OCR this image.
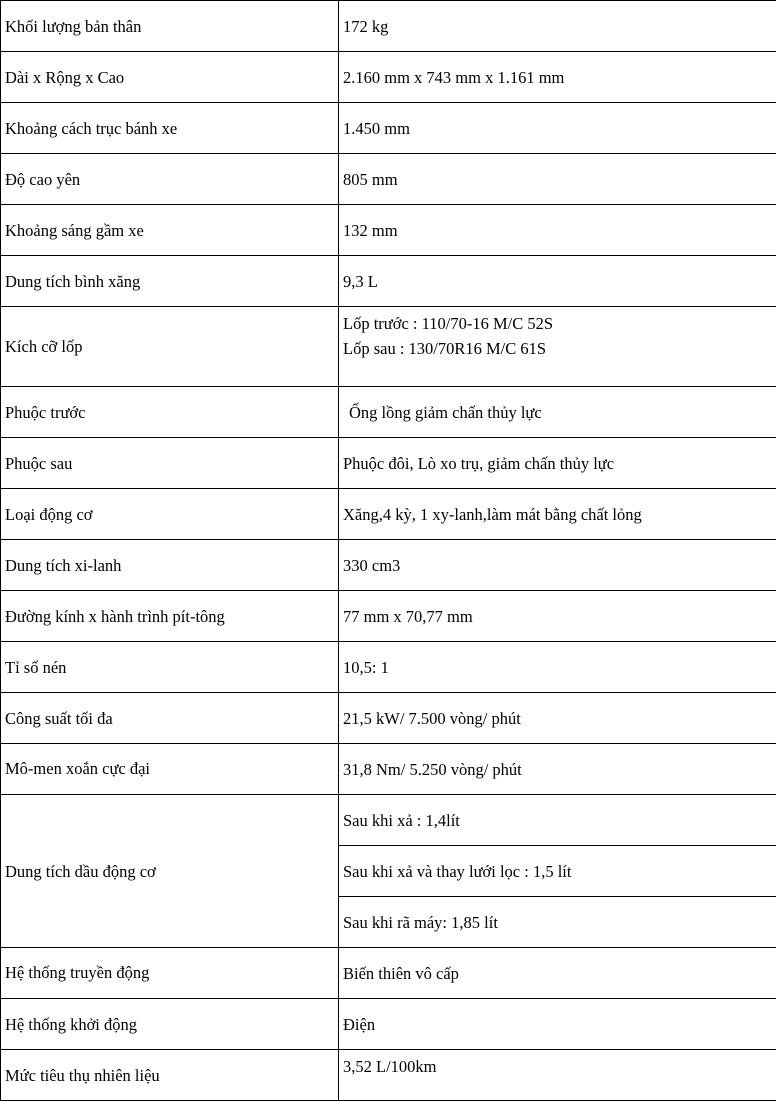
Khối lượng bản thân	172 kg
Dài x Rộng x Cao	2.160 mm x 743 mm x 1.161 mm
Khoảng cách trục bánh xe	1.450 mm
Độ cao yên	805 mm
Khoảng sáng gầm xe	132 mm
Dung tích bình xăng	9,3 L
Kích cỡ lốp	Lốp trước : 110/70-16 M/C 52S
Lốp sau : 130/70R16 M/C 61S

Phuộc trước	Ống lồng giảm chấn thủy lực
Phuộc sau	Phuộc đôi, Lò xo trụ, giảm chấn thủy lực
Loại động cơ	Xăng,4 kỳ, 1 xy-lanh,làm mát bằng chất lỏng
Dung tích xi-lanh	330 cm3
Đường kính x hành trình pít-tông	77 mm x 70,77 mm
Tỉ số nén	10,5: 1
Công suất tối đa	21,5 kW/ 7.500 vòng/ phút
Mô-men xoắn cực đại	31,8 Nm/ 5.250 vòng/ phút
Dung tích dầu động cơ	Sau khi xả : 1,4lít
	Sau khi xả và thay lưới lọc : 1,5 lít
	Sau khi rã máy: 1,85 lít
Hệ thống truyền động	Biến thiên vô cấp
Hệ thống khởi động	Điện
Mức tiêu thụ nhiên liệu	3,52 L/100km
